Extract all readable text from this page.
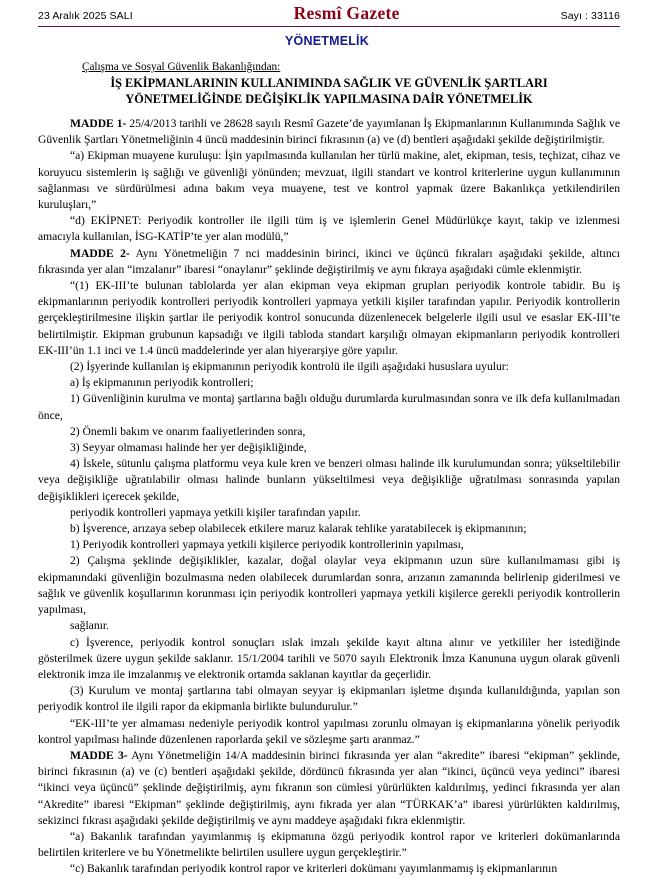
23 Aralık 2025 SALI	Resmî Gazete	Sayı : 33116
YÖNETMELİK
Çalışma ve Sosyal Güvenlik Bakanlığından:
İŞ EKİPMANLARININ KULLANIMINDA SAĞLIK VE GÜVENLİK ŞARTLARI
YÖNETMELİĞİNDE DEĞİŞİKLİK YAPILMASINA DAİR YÖNETMELİK

MADDE 1- 25/4/2013 tarihli ve 28628 sayılı Resmî Gazete’de yayımlanan İş Ekipmanlarının Kullanımında Sağlık ve Güvenlik Şartları Yönetmeliğinin 4 üncü maddesinin birinci fıkrasının (a) ve (d) bentleri aşağıdaki şekilde değiştirilmiştir.

“a) Ekipman muayene kuruluşu: İşin yapılmasında kullanılan her türlü makine, alet, ekipman, tesis, teçhizat, cihaz ve koruyucu sistemlerin iş sağlığı ve güvenliği yönünden; mevzuat, ilgili standart ve kontrol kriterlerine uygun kullanımının sağlanması ve sürdürülmesi adına bakım veya muayene, test ve kontrol yapmak üzere Bakanlıkça yetkilendirilen kuruluşları,”

“d) EKİPNET: Periyodik kontroller ile ilgili tüm iş ve işlemlerin Genel Müdürlükçe kayıt, takip ve izlenmesi amacıyla kullanılan, İSG-KATİP’te yer alan modülü,”

MADDE 2- Aynı Yönetmeliğin 7 nci maddesinin birinci, ikinci ve üçüncü fıkraları aşağıdaki şekilde, altıncı fıkrasında yer alan “imzalanır” ibaresi “onaylanır” şeklinde değiştirilmiş ve aynı fıkraya aşağıdaki cümle eklenmiştir.

“(1) EK-III’te bulunan tablolarda yer alan ekipman veya ekipman grupları periyodik kontrole tabidir. Bu iş ekipmanlarının periyodik kontrolleri periyodik kontrolleri yapmaya yetkili kişiler tarafından yapılır. Periyodik kontrollerin gerçekleştirilmesine ilişkin şartlar ile periyodik kontrol sonucunda düzenlenecek belgelerle ilgili usul ve esaslar EK-III’te belirtilmiştir. Ekipman grubunun kapsadığı ve ilgili tabloda standart karşılığı olmayan ekipmanların periyodik kontrolleri EK-III’ün 1.1 inci ve 1.4 üncü maddelerinde yer alan hiyerarşiye göre yapılır.

(2) İşyerinde kullanılan iş ekipmanının periyodik kontrolü ile ilgili aşağıdaki hususlara uyulur:

a) İş ekipmanının periyodik kontrolleri;

1) Güvenliğinin kurulma ve montaj şartlarına bağlı olduğu durumlarda kurulmasından sonra ve ilk defa kullanılmadan önce,

2) Önemli bakım ve onarım faaliyetlerinden sonra,

3) Seyyar olmaması halinde her yer değişikliğinde,

4) İskele, sütunlu çalışma platformu veya kule kren ve benzeri olması halinde ilk kurulumundan sonra; yükseltilebilir veya değişikliğe uğratılabilir olması halinde bunların yükseltilmesi veya değişikliğe uğratılması sonrasında yapılan değişiklikleri içerecek şekilde,

periyodik kontrolleri yapmaya yetkili kişiler tarafından yapılır.

b) İşverence, arızaya sebep olabilecek etkilere maruz kalarak tehlike yaratabilecek iş ekipmanının;

1) Periyodik kontrolleri yapmaya yetkili kişilerce periyodik kontrollerinin yapılması,

2) Çalışma şeklinde değişiklikler, kazalar, doğal olaylar veya ekipmanın uzun süre kullanılmaması gibi iş ekipmanındaki güvenliğin bozulmasına neden olabilecek durumlardan sonra, arızanın zamanında belirlenip giderilmesi ve sağlık ve güvenlik koşullarının korunması için periyodik kontrolleri yapmaya yetkili kişilerce gerekli periyodik kontrollerin yapılması,

sağlanır.

c) İşverence, periyodik kontrol sonuçları ıslak imzalı şekilde kayıt altına alınır ve yetkililer her istediğinde gösterilmek üzere uygun şekilde saklanır. 15/1/2004 tarihli ve 5070 sayılı Elektronik İmza Kanununa uygun olarak güvenli elektronik imza ile imzalanmış ve elektronik ortamda saklanan kayıtlar da geçerlidir.

(3) Kurulum ve montaj şartlarına tabi olmayan seyyar iş ekipmanları işletme dışında kullanıldığında, yapılan son periyodik kontrol ile ilgili rapor da ekipmanla birlikte bulundurulur.”

“EK-III’te yer almaması nedeniyle periyodik kontrol yapılması zorunlu olmayan iş ekipmanlarına yönelik periyodik kontrol yapılması halinde düzenlenen raporlarda şekil ve sözleşme şartı aranmaz.”

MADDE 3- Aynı Yönetmeliğin 14/A maddesinin birinci fıkrasında yer alan “akredite” ibaresi “ekipman” şeklinde, birinci fıkrasının (a) ve (c) bentleri aşağıdaki şekilde, dördüncü fıkrasında yer alan “ikinci, üçüncü veya yedinci” ibaresi “ikinci veya üçüncü” şeklinde değiştirilmiş, aynı fıkranın son cümlesi yürürlükten kaldırılmış, yedinci fıkrasında yer alan “Akredite” ibaresi “Ekipman” şeklinde değiştirilmiş, aynı fıkrada yer alan “TÜRKAK’a” ibaresi yürürlükten kaldırılmış, sekizinci fıkrası aşağıdaki şekilde değiştirilmiş ve aynı maddeye aşağıdaki fıkra eklenmiştir.

“a) Bakanlık tarafından yayımlanmış iş ekipmanına özgü periyodik kontrol rapor ve kriterleri dokümanlarında belirtilen kriterlere ve bu Yönetmelikte belirtilen usullere uygun gerçekleştirir.”

“c) Bakanlık tarafından periyodik kontrol rapor ve kriterleri dokümanı yayımlanmamış iş ekipmanlarının
